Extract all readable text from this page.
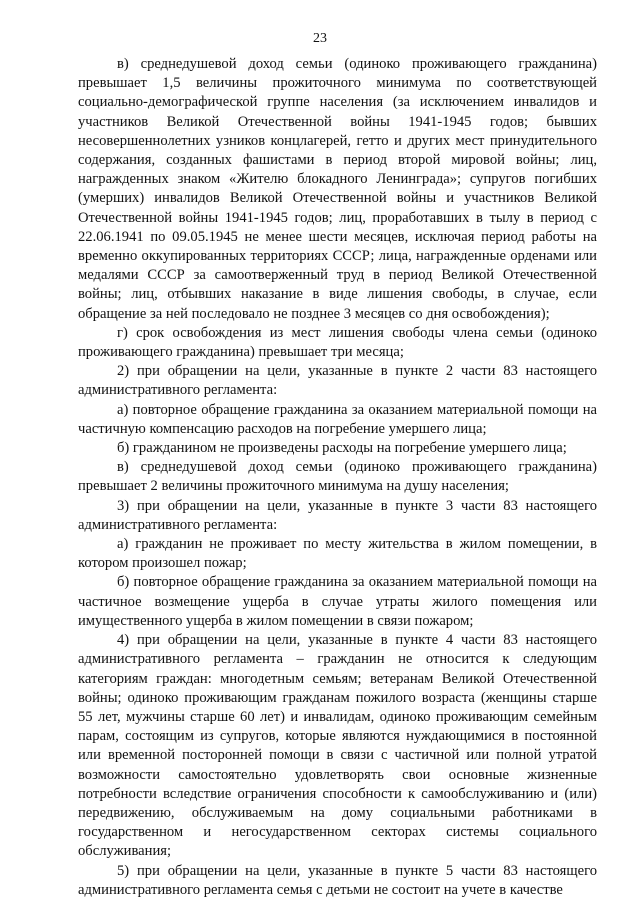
23

в) среднедушевой доход семьи (одиноко проживающего гражданина) превышает 1,5 величины прожиточного минимума по соответствующей социально-демографической группе населения (за исключением инвалидов и участников Великой Отечественной войны 1941-1945 годов; бывших несовершеннолетних узников концлагерей, гетто и других мест принудительного содержания, созданных фашистами в период второй мировой войны; лиц, награжденных знаком «Жителю блокадного Ленинграда»; супругов погибших (умерших) инвалидов Великой Отечественной войны и участников Великой Отечественной войны 1941-1945 годов; лиц, проработавших в тылу в период с 22.06.1941 по 09.05.1945 не менее шести месяцев, исключая период работы на временно оккупированных территориях СССР; лица, награжденные орденами или медалями СССР за самоотверженный труд в период Великой Отечественной войны; лиц, отбывших наказание в виде лишения свободы, в случае, если обращение за ней последовало не позднее 3 месяцев со дня освобождения);

г) срок освобождения из мест лишения свободы члена семьи (одиноко проживающего гражданина) превышает три месяца;

2) при обращении на цели, указанные в пункте 2 части 83 настоящего административного регламента:

а) повторное обращение гражданина за оказанием материальной помощи на частичную компенсацию расходов на погребение умершего лица;

б) гражданином не произведены расходы на погребение умершего лица;

в) среднедушевой доход семьи (одиноко проживающего гражданина) превышает 2 величины прожиточного минимума на душу населения;

3) при обращении на цели, указанные в пункте 3 части 83 настоящего административного регламента:

а) гражданин не проживает по месту жительства в жилом помещении, в котором произошел пожар;

б) повторное обращение гражданина за оказанием материальной помощи на частичное возмещение ущерба в случае утраты жилого помещения или имущественного ущерба в жилом помещении в связи пожаром;

4) при обращении на цели, указанные в пункте 4 части 83 настоящего административного регламента – гражданин не относится к следующим категориям граждан: многодетным семьям; ветеранам Великой Отечественной войны; одиноко проживающим гражданам пожилого возраста (женщины старше 55 лет, мужчины старше 60 лет) и инвалидам, одиноко проживающим семейным парам, состоящим из супругов, которые являются нуждающимися в постоянной или временной посторонней помощи в связи с частичной или полной утратой возможности самостоятельно удовлетворять свои основные жизненные потребности вследствие ограничения способности к самообслуживанию и (или) передвижению, обслуживаемым на дому социальными работниками в государственном и негосударственном секторах системы социального обслуживания;

5) при обращении на цели, указанные в пункте 5 части 83 настоящего административного регламента семья с детьми не состоит на учете в качестве
